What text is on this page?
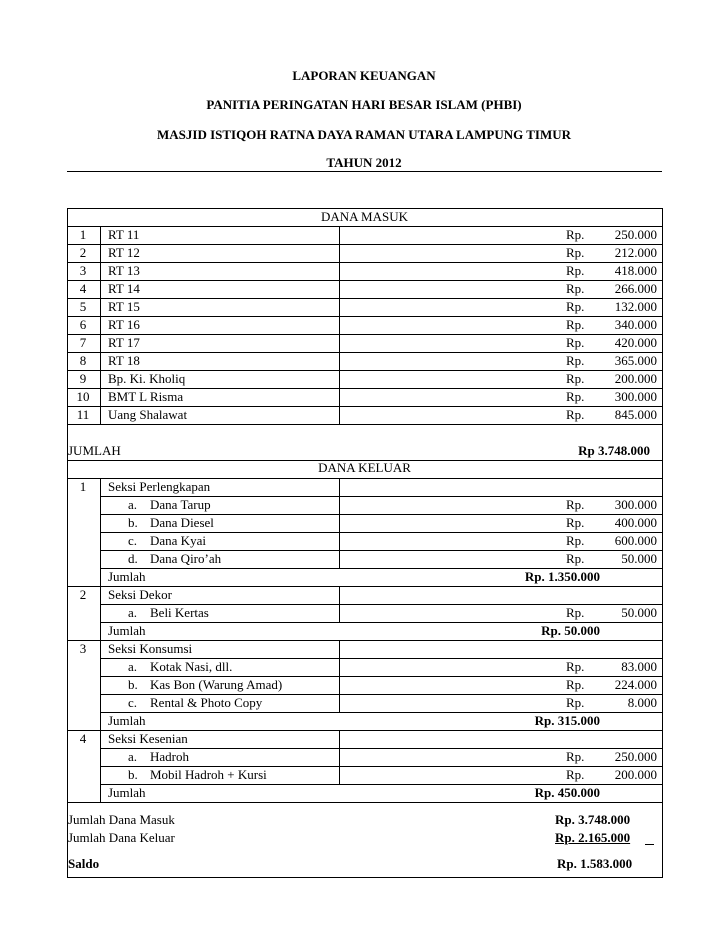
LAPORAN KEUANGAN
PANITIA PERINGATAN HARI BESAR ISLAM (PHBI)
MASJID ISTIQOH RATNA DAYA RAMAN UTARA LAMPUNG TIMUR
TAHUN 2012
DANA MASUK
1	RT 11	Rp. 250.000
2	RT 12	Rp. 212.000
3	RT 13	Rp. 418.000
4	RT 14	Rp. 266.000
5	RT 15	Rp. 132.000
6	RT 16	Rp. 340.000
7	RT 17	Rp. 420.000
8	RT 18	Rp. 365.000
9	Bp. Ki. Kholiq	Rp. 200.000
10	BMT L Risma	Rp. 300.000
11	Uang Shalawat	Rp. 845.000
JUMLAH	Rp 3.748.000
DANA KELUAR
1	Seksi Perlengkapan
a. Dana Tarup	Rp. 300.000
b. Dana Diesel	Rp. 400.000
c. Dana Kyai	Rp. 600.000
d. Dana Qiro’ah	Rp.	50.000
Jumlah	Rp. 1.350.000
2	Seksi Dekor
a. Beli Kertas	Rp.	50.000
Jumlah	Rp. 50.000
3	Seksi Konsumsi
a. Kotak Nasi, dll.	Rp.	83.000
b. Kas Bon (Warung Amad)	Rp. 224.000
c. Rental & Photo Copy	Rp.	8.000
Jumlah	Rp. 315.000
4	Seksi Kesenian
a. Hadroh	Rp. 250.000
b. Mobil Hadroh + Kursi	Rp. 200.000
Jumlah	Rp. 450.000
Jumlah Dana Masuk	Rp. 3.748.000
Jumlah Dana Keluar	Rp. 2.165.000
Saldo	Rp. 1.583.000
